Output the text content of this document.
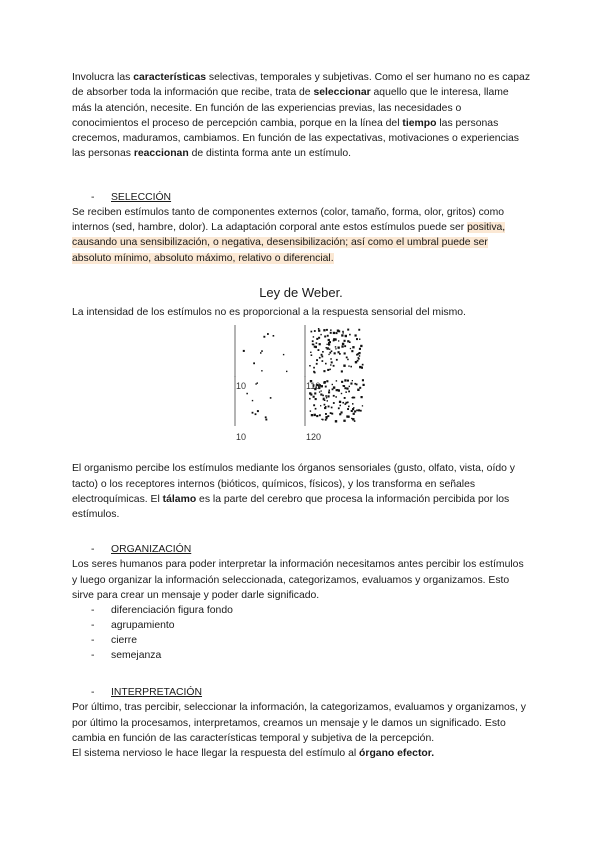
Involucra las características selectivas, temporales y subjetivas. Como el ser humano no es capaz de absorber toda la información que recibe, trata de seleccionar aquello que le interesa, llame más la atención, necesite. En función de las experiencias previas, las necesidades o conocimientos el proceso de percepción cambia, porque en la línea del tiempo las personas crecemos, maduramos, cambiamos. En función de las expectativas, motivaciones o experiencias las personas reaccionan de distinta forma ante un estímulo.

- SELECCIÓN

Se reciben estímulos tanto de componentes externos (color, tamaño, forma, olor, gritos) como internos (sed, hambre, dolor). La adaptación corporal ante estos estímulos puede ser positiva, causando una sensibilización, o negativa, desensibilización; así como el umbral puede ser absoluto mínimo, absoluto máximo, relativo o diferencial.

Ley de Weber.

La intensidad de los estímulos no es proporcional a la respuesta sensorial del mismo.

10	110
10	120

El organismo percibe los estímulos mediante los órganos sensoriales (gusto, olfato, vista, oído y tacto) o los receptores internos (bióticos, químicos, físicos), y los transforma en señales electroquímicas. El tálamo es la parte del cerebro que procesa la información percibida por los estímulos.

- ORGANIZACIÓN

Los seres humanos para poder interpretar la información necesitamos antes percibir los estímulos y luego organizar la información seleccionada, categorizamos, evaluamos y organizamos. Esto sirve para crear un mensaje y poder darle significado.

- diferenciación figura fondo
- agrupamiento
- cierre
- semejanza
- INTERPRETACIÓN

Por último, tras percibir, seleccionar la información, la categorizamos, evaluamos y organizamos, y por último la procesamos, interpretamos, creamos un mensaje y le damos un significado. Esto cambia en función de las características temporal y subjetiva de la percepción.

El sistema nervioso le hace llegar la respuesta del estímulo al órgano efector.
